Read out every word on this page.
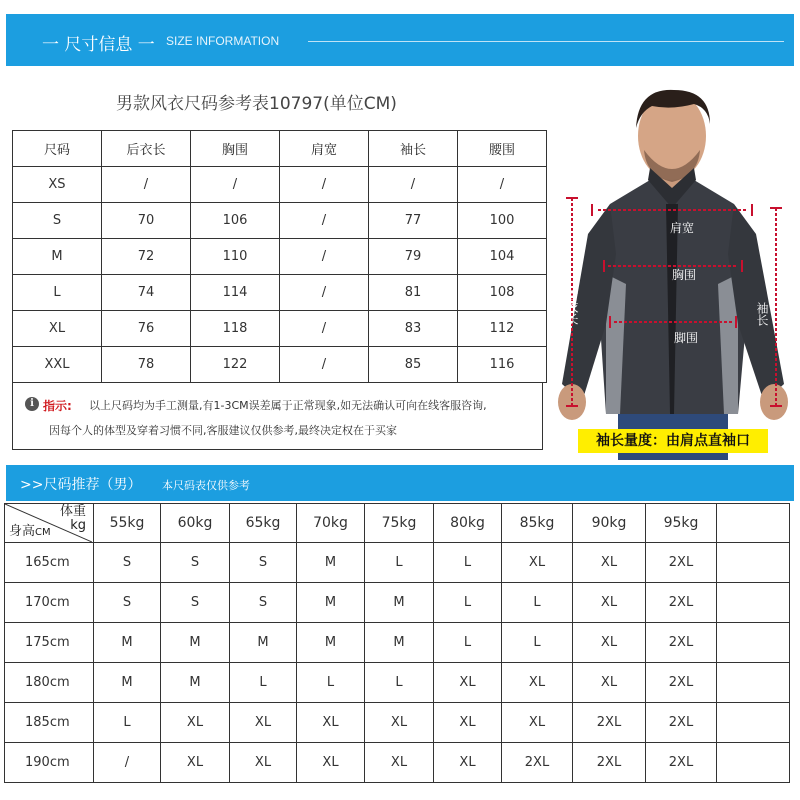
一 尺寸信息 一 SIZE INFORMATION
男款风衣尺码参考表10797(单位CM)
尺码	后衣长	胸围	肩宽	袖长	腰围
XS	/	/	/	/	/
S	70	106	/	77	100
M	72	110	/	79	104
L	74	114	/	81	108
XL	76	118	/	83	112
XXL	78	122	/	85	116
i 指示: 以上尺码均为手工测量,有1-3CM误差属于正常现象,如无法确认可向在线客服咨询,
因每个人的体型及穿着习惯不同,客服建议仅供参考,最终决定权在于买家
肩宽
胸围
脚围
后衣长	袖长
袖长量度：由肩点直袖口
>>尺码推荐（男） 本尺码表仅供参考
体重
kg
身高CM	55kg	60kg	65kg	70kg	75kg	80kg	85kg	90kg	95kg	
165cm	S	S	S	M	L	L	XL	XL	2XL	
170cm	S	S	S	M	M	L	L	XL	2XL	
175cm	M	M	M	M	M	L	L	XL	2XL	
180cm	M	M	L	L	L	XL	XL	XL	2XL	
185cm	L	XL	XL	XL	XL	XL	XL	2XL	2XL	
190cm	/	XL	XL	XL	XL	XL	2XL	2XL	2XL	
